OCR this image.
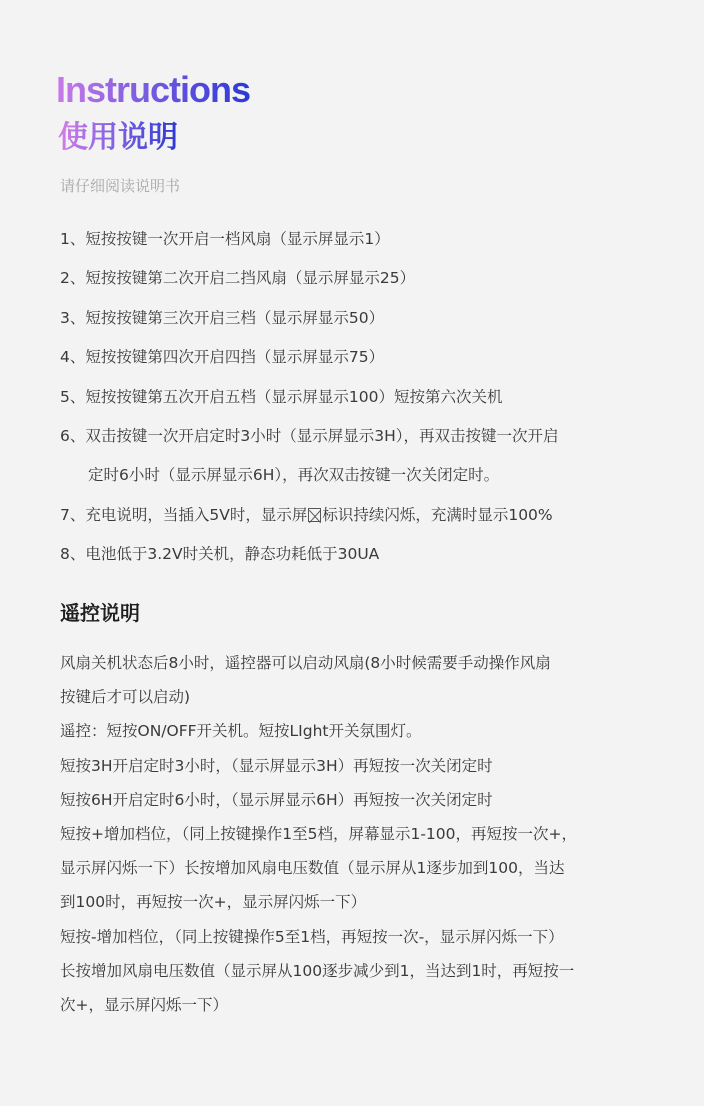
Instructions
使用说明
请仔细阅读说明书
1、短按按键一次开启一档风扇（显示屏显示1）
2、短按按键第二次开启二挡风扇（显示屏显示25）
3、短按按键第三次开启三档（显示屏显示50）
4、短按按键第四次开启四挡（显示屏显示75）
5、短按按键第五次开启五档（显示屏显示100）短按第六次关机
6、双击按键一次开启定时3小时（显示屏显示3H），再双击按键一次开启
定时6小时（显示屏显示6H），再次双击按键一次关闭定时。
7、充电说明，当插入5V时，显示屏 标识持续闪烁，充满时显示100%
8、电池低于3.2V时关机，静态功耗低于30UA
遥控说明

风扇关机状态后8小时，遥控器可以启动风扇(8小时候需要手动操作风扇

按键后才可以启动)

遥控：短按ON/OFF开关机。短按LIght开关氛围灯。

短按3H开启定时3小时，（显示屏显示3H）再短按一次关闭定时

短按6H开启定时6小时，（显示屏显示6H）再短按一次关闭定时

短按+增加档位，（同上按键操作1至5档，屏幕显示1-100，再短按一次+，

显示屏闪烁一下）长按增加风扇电压数值（显示屏从1逐步加到100，当达

到100时，再短按一次+，显示屏闪烁一下）

短按-增加档位，（同上按键操作5至1档，再短按一次-，显示屏闪烁一下）

长按增加风扇电压数值（显示屏从100逐步减少到1，当达到1时，再短按一

次+，显示屏闪烁一下）
